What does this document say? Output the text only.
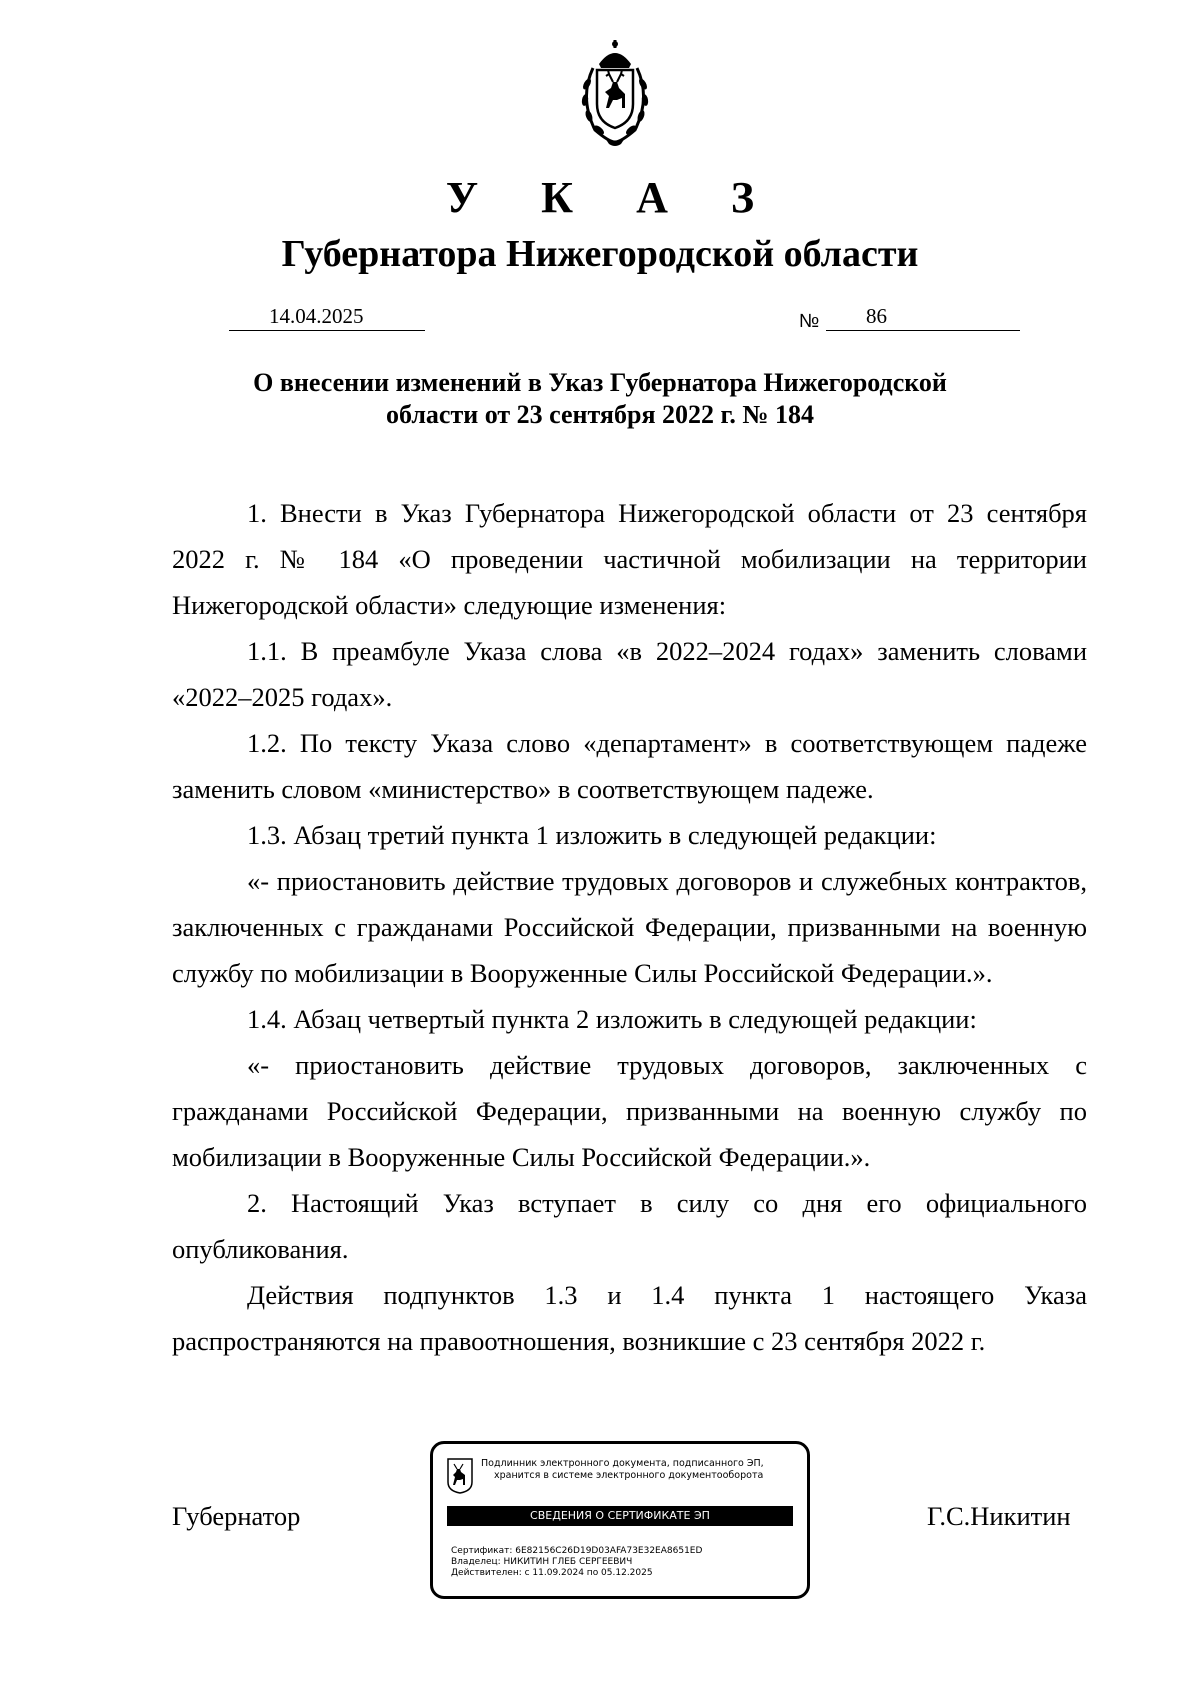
У К А З
Губернатора Нижегородской области
14.04.2025	№ 86
О внесении изменений в Указ Губернатора Нижегородской
области от 23 сентября 2022 г. № 184

1. Внести в Указ Губернатора Нижегородской области от 23 сентября 2022 г. № 184 «О проведении частичной мобилизации на территории Нижегородской области» следующие изменения:

1.1. В преамбуле Указа слова «в 2022–2024 годах» заменить словами «2022–2025 годах».

1.2. По тексту Указа слово «департамент» в соответствующем падеже заменить словом «министерство» в соответствующем падеже.

1.3. Абзац третий пункта 1 изложить в следующей редакции:

«- приостановить действие трудовых договоров и служебных контрактов, заключенных с гражданами Российской Федерации, призванными на военную службу по мобилизации в Вооруженные Силы Российской Федерации.».

1.4. Абзац четвертый пункта 2 изложить в следующей редакции:

«- приостановить действие трудовых договоров, заключенных с гражданами Российской Федерации, призванными на военную службу по мобилизации в Вооруженные Силы Российской Федерации.».

2. Настоящий Указ вступает в силу со дня его официального опубликования.

Действия подпунктов 1.3 и 1.4 пункта 1 настоящего Указа распространяются на правоотношения, возникшие с 23 сентября 2022 г.

Губернатор	Г.С.Никитин
Подлинник электронного документа, подписанного ЭП,
хранится в системе электронного документооборота
СВЕДЕНИЯ О СЕРТИФИКАТЕ ЭП
Сертификат: 6E82156C26D19D03AFA73E32EA8651ED
Владелец: НИКИТИН ГЛЕБ СЕРГЕЕВИЧ
Действителен: с 11.09.2024 по 05.12.2025
